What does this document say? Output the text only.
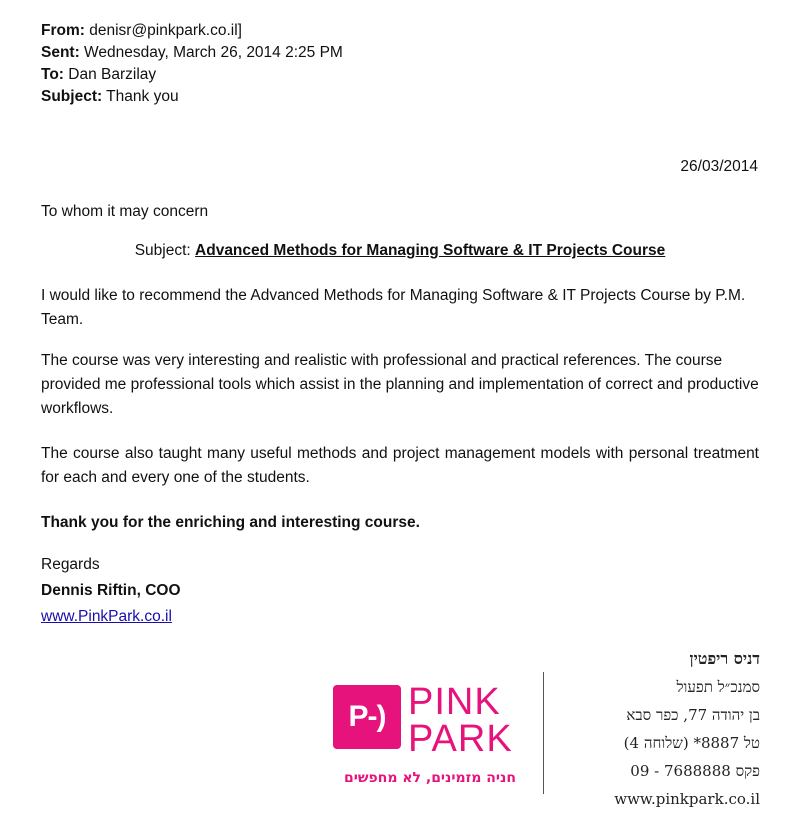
From: denisr@pinkpark.co.il]
Sent: Wednesday, March 26, 2014 2:25 PM
To: Dan Barzilay
Subject: Thank you
26/03/2014
To whom it may concern
Subject: Advanced Methods for Managing Software & IT Projects Course
I would like to recommend the Advanced Methods for Managing Software & IT Projects Course by P.M. Team.
The course was very interesting and realistic with professional and practical references. The course provided me professional tools which assist in the planning and implementation of correct and productive workflows.
The course also taught many useful methods and project management models with personal treatment for each and every one of the students.
Thank you for the enriching and interesting course.
Regards
Dennis Riftin, COO
www.PinkPark.co.il
P-) PINK
PARK
חניה מזמינים, לא מחפשים
דניס ריפטין
סמנכ״ל תפעול
בן יהודה 77, כפר סבא
טל 8887* (שלוחה 4)
פקס 7688888 - 09
www.pinkpark.co.il
